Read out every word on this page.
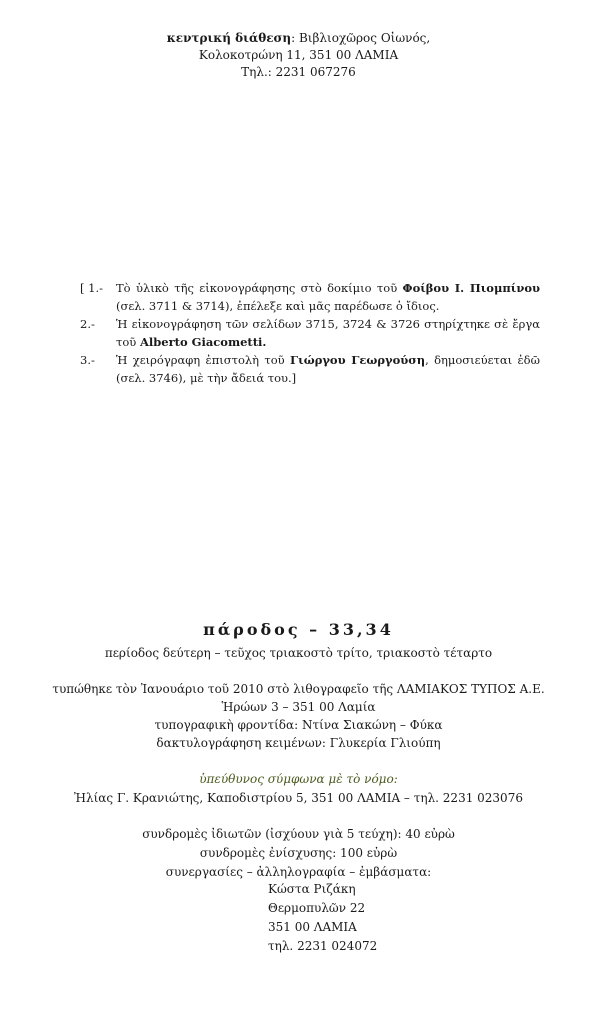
κεντρική διάθεση: Βιβλιοχῶρος Οἰωνός,
Κολοκοτρώνη 11, 351 00 ΛΑΜΙΑ
Τηλ.: 2231 067276
[ 1.-	Τὸ ὑλικὸ τῆς εἰκονογράφησης στὸ δοκίμιο τοῦ Φοίβου Ι. Πιομπίνου (σελ. 3711 & 3714), ἐπέλεξε καὶ μᾶς παρέδωσε ὁ ἴδιος.
2.-	Ἡ εἰκονογράφηση τῶν σελίδων 3715, 3724 & 3726 στηρίχτηκε σὲ ἔργα τοῦ Alberto Giacometti.
3.-	Ἡ χειρόγραφη ἐπιστολὴ τοῦ Γιώργου Γεωργούση, δημοσιεύεται ἐδῶ (σελ. 3746), μὲ τὴν ἄδειά του.]
πάροδος – 33,34
περίοδος δεύτερη – τεῦχος τριακοστὸ τρίτο, τριακοστὸ τέταρτο
τυπώθηκε τὸν Ἰανουάριο τοῦ 2010 στὸ λιθογραφεῖο τῆς ΛΑΜΙΑΚΟΣ ΤΥΠΟΣ Α.Ε.
Ἡρώων 3 – 351 00 Λαμία
τυπογραφικὴ φροντίδα: Ντίνα Σιακώνη – Φύκα
δακτυλογράφηση κειμένων: Γλυκερία Γλιούπη
ὑπεύθυνος σύμφωνα μὲ τὸ νόμο:
Ἠλίας Γ. Κρανιώτης, Καποδιστρίου 5, 351 00 ΛΑΜΙΑ – τηλ. 2231 023076
συνδρομὲς ἰδιωτῶν (ἰσχύουν γιὰ 5 τεύχη): 40 εὐρὼ
συνδρομὲς ἐνίσχυσης: 100 εὐρὼ
συνεργασίες – ἀλληλογραφία – ἐμβάσματα:
Κώστα Ριζάκη
Θερμοπυλῶν 22
351 00 ΛΑΜΙΑ
τηλ. 2231 024072
